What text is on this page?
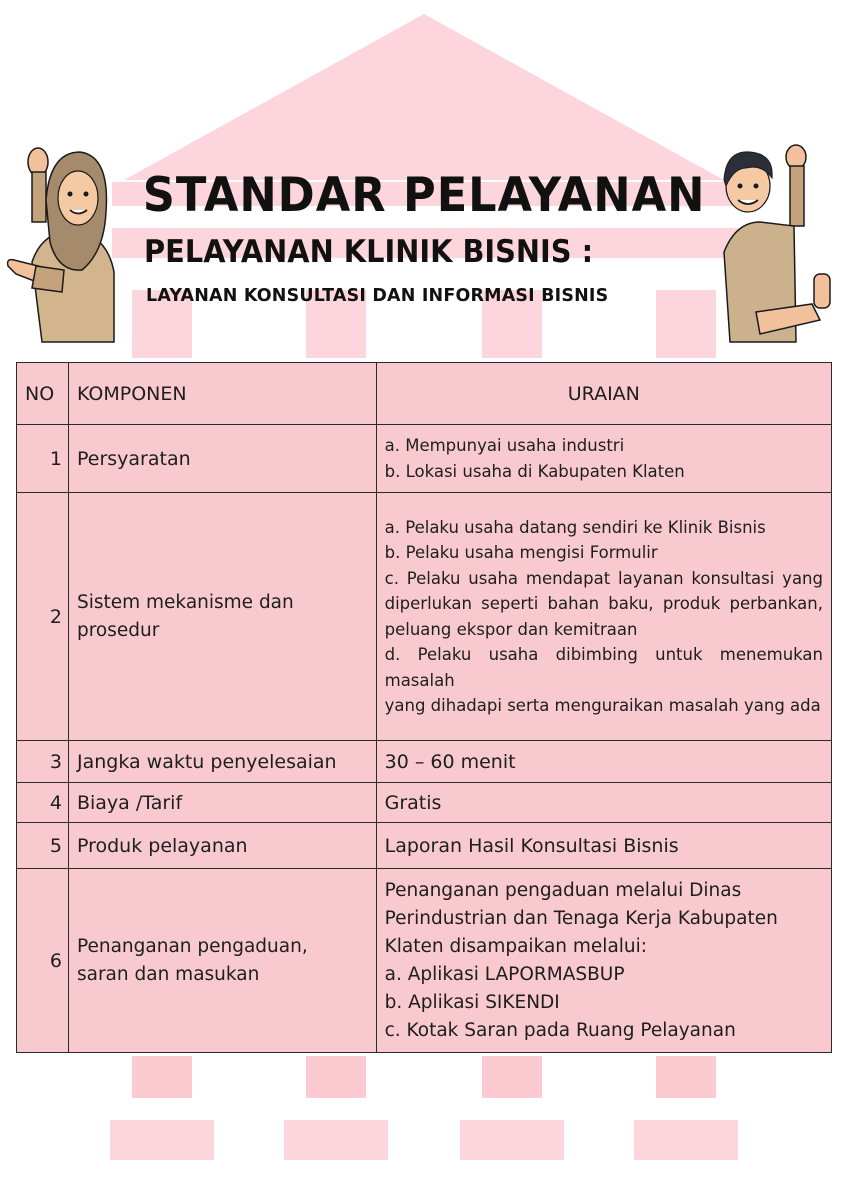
STANDAR PELAYANAN
PELAYANAN KLINIK BISNIS :
LAYANAN KONSULTASI DAN INFORMASI BISNIS
NO	KOMPONEN	URAIAN
1	Persyaratan	a. Mempunyai usaha industri
b. Lokasi usaha di Kabupaten Klaten

2	Sistem mekanisme dan prosedur	a. Pelaku usaha datang sendiri ke Klinik Bisnis
b. Pelaku usaha mengisi Formulir
c. Pelaku usaha mendapat layanan konsultasi yang diperlukan seperti bahan baku, produk perbankan, peluang ekspor dan kemitraan
d. Pelaku usaha dibimbing untuk menemukan masalah
yang dihadapi serta menguraikan masalah yang ada

3	Jangka waktu penyelesaian	30 – 60 menit

4	Biaya /Tarif	Gratis

5	Produk pelayanan	Laporan Hasil Konsultasi Bisnis

6	Penanganan pengaduan, saran dan masukan	Penanganan pengaduan melalui Dinas Perindustrian dan Tenaga Kerja Kabupaten Klaten disampaikan melalui:
a. Aplikasi LAPORMASBUP
b. Aplikasi SIKENDI
c. Kotak Saran pada Ruang Pelayanan
